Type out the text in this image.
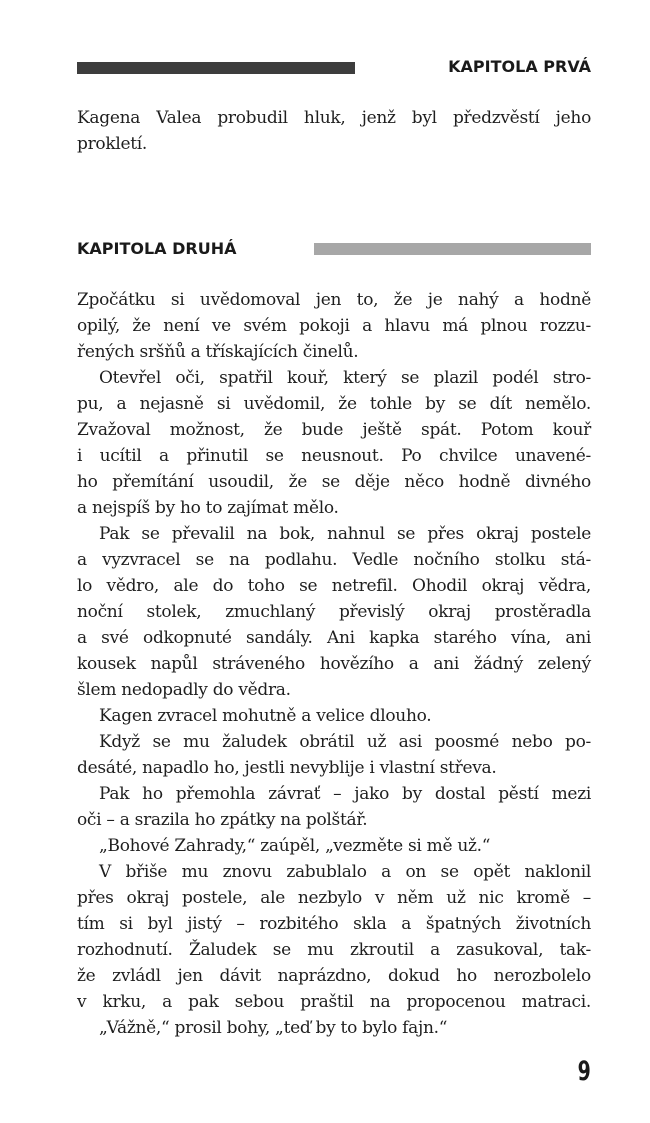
KAPITOLA PRVÁ
Kagena Valea probudil hluk, jenž byl předzvěstí jeho
prokletí.
KAPITOLA DRUHÁ
Zpočátku si uvědomoval jen to, že je nahý a hodně
opilý, že není ve svém pokoji a hlavu má plnou rozzu-
řených sršňů a třískajících činelů.
Otevřel oči, spatřil kouř, který se plazil podél stro-
pu, a nejasně si uvědomil, že tohle by se dít nemělo.
Zvažoval možnost, že bude ještě spát. Potom kouř
i ucítil a přinutil se neusnout. Po chvilce unavené-
ho přemítání usoudil, že se děje něco hodně divného
a nejspíš by ho to zajímat mělo.
Pak se převalil na bok, nahnul se přes okraj postele
a vyzvracel se na podlahu. Vedle nočního stolku stá-
lo vědro, ale do toho se netrefil. Ohodil okraj vědra,
noční stolek, zmuchlaný převislý okraj prostěradla
a své odkopnuté sandály. Ani kapka starého vína, ani
kousek napůl stráveného hovězího a ani žádný zelený
šlem nedopadly do vědra.
Kagen zvracel mohutně a velice dlouho.
Když se mu žaludek obrátil už asi poosmé nebo po-
desáté, napadlo ho, jestli nevyblije i vlastní střeva.
Pak ho přemohla závrať – jako by dostal pěstí mezi
oči – a srazila ho zpátky na polštář.
„Bohové Zahrady,“ zaúpěl, „vezměte si mě už.“
V břiše mu znovu zabublalo a on se opět naklonil
přes okraj postele, ale nezbylo v něm už nic kromě –
tím si byl jistý – rozbitého skla a špatných životních
rozhodnutí. Žaludek se mu zkroutil a zasukoval, tak-
že zvládl jen dávit naprázdno, dokud ho nerozbolelo
v krku, a pak sebou praštil na propocenou matraci.
„Vážně,“ prosil bohy, „teď by to bylo fajn.“
9
